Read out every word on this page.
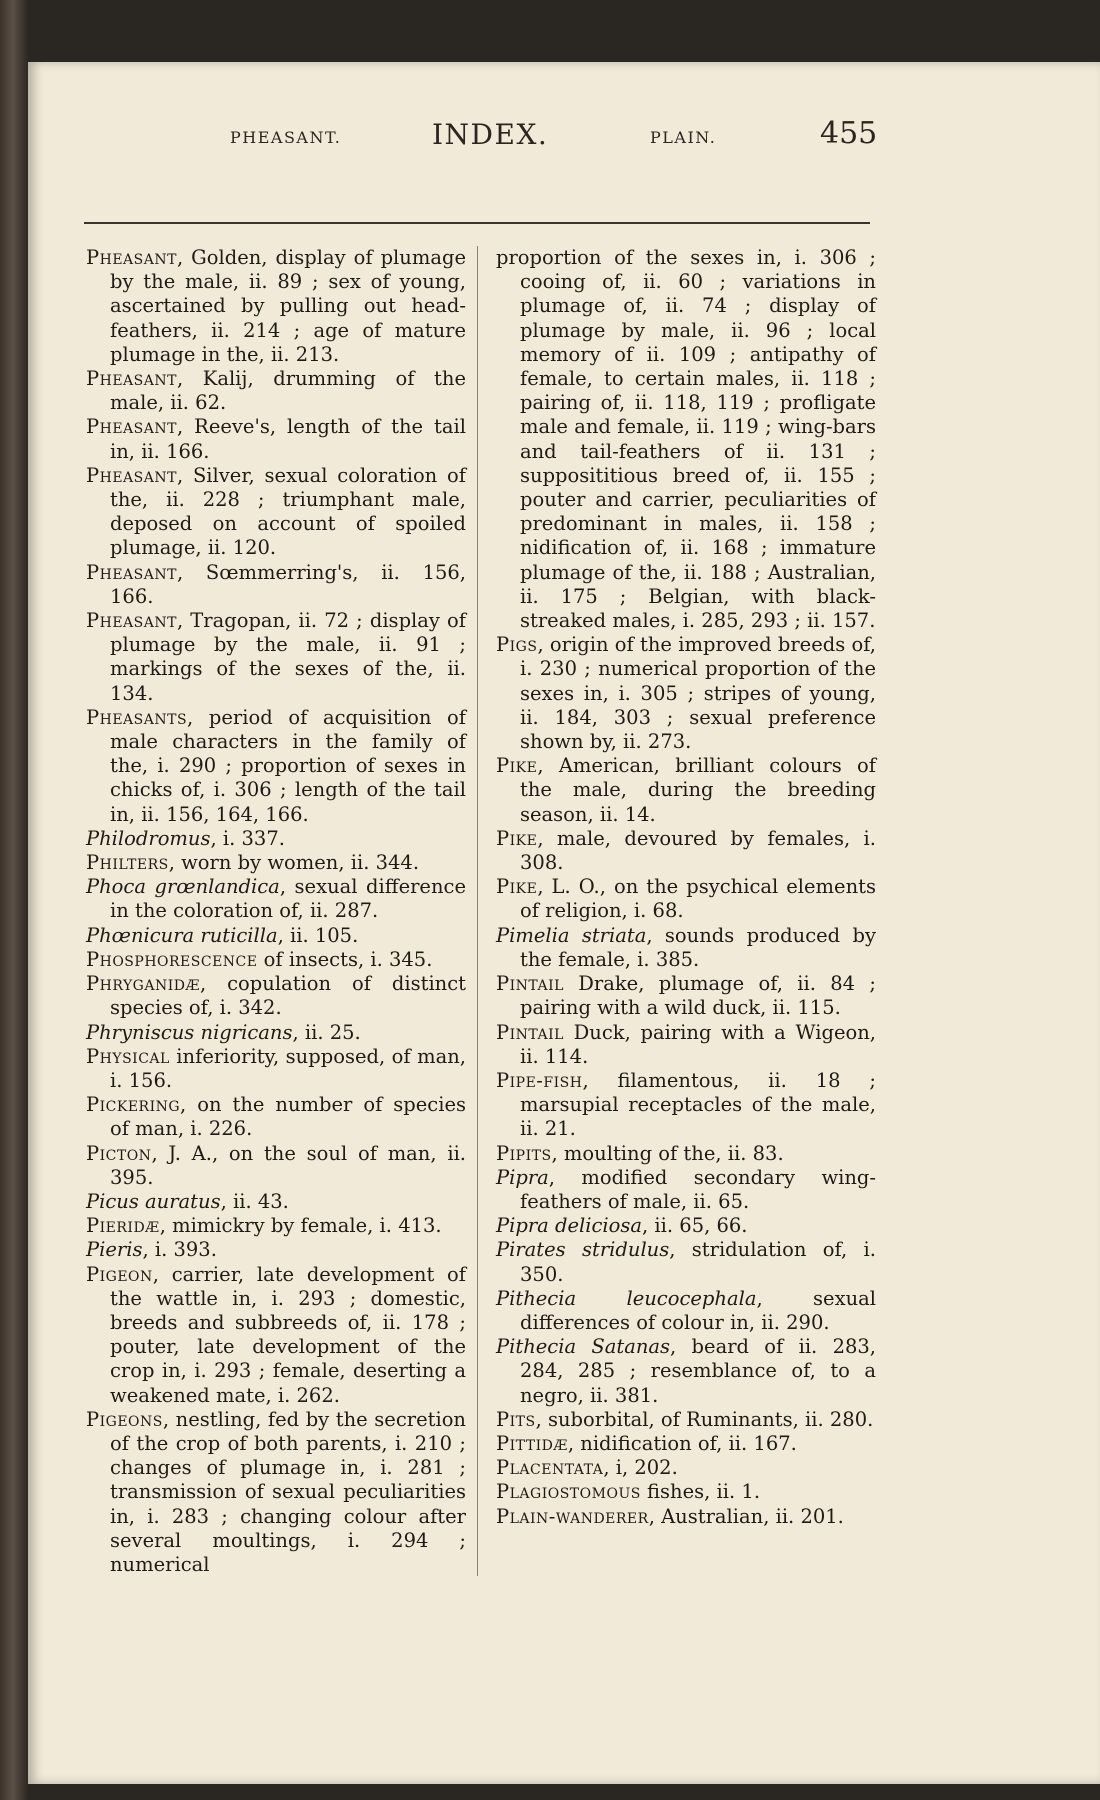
PHEASANT.	INDEX.	PLAIN.	455

Pheasant, Golden, display of plumage by the male, ii. 89 ; sex of young, ascertained by pulling out head-feathers, ii. 214 ; age of mature plumage in the, ii. 213.

Pheasant, Kalij, drumming of the male, ii. 62.

Pheasant, Reeve's, length of the tail in, ii. 166.

Pheasant, Silver, sexual coloration of the, ii. 228 ; triumphant male, deposed on account of spoiled plumage, ii. 120.

Pheasant, Sœmmerring's, ii. 156, 166.

Pheasant, Tragopan, ii. 72 ; display of plumage by the male, ii. 91 ; markings of the sexes of the, ii. 134.

Pheasants, period of acquisition of male characters in the family of the, i. 290 ; proportion of sexes in chicks of, i. 306 ; length of the tail in, ii. 156, 164, 166.

Philodromus, i. 337.

Philters, worn by women, ii. 344.

Phoca grœnlandica, sexual difference in the coloration of, ii. 287.

Phœnicura ruticilla, ii. 105.

Phosphorescence of insects, i. 345.

Phryganidæ, copulation of distinct species of, i. 342.

Phryniscus nigricans, ii. 25.

Physical inferiority, supposed, of man, i. 156.

Pickering, on the number of species of man, i. 226.

Picton, J. A., on the soul of man, ii. 395.

Picus auratus, ii. 43.

Pieridæ, mimickry by female, i. 413.

Pieris, i. 393.

Pigeon, carrier, late development of the wattle in, i. 293 ; domestic, breeds and subbreeds of, ii. 178 ; pouter, late development of the crop in, i. 293 ; female, deserting a weakened mate, i. 262.

Pigeons, nestling, fed by the secretion of the crop of both parents, i. 210 ; changes of plumage in, i. 281 ; transmission of sexual peculiarities in, i. 283 ; changing colour after several moultings, i. 294 ; numerical

proportion of the sexes in, i. 306 ; cooing of, ii. 60 ; variations in plumage of, ii. 74 ; display of plumage by male, ii. 96 ; local memory of ii. 109 ; antipathy of female, to certain males, ii. 118 ; pairing of, ii. 118, 119 ; profligate male and female, ii. 119 ; wing-bars and tail-feathers of ii. 131 ; supposititious breed of, ii. 155 ; pouter and carrier, peculiarities of predominant in males, ii. 158 ; nidification of, ii. 168 ; immature plumage of the, ii. 188 ; Australian, ii. 175 ; Belgian, with black-streaked males, i. 285, 293 ; ii. 157.

Pigs, origin of the improved breeds of, i. 230 ; numerical proportion of the sexes in, i. 305 ; stripes of young, ii. 184, 303 ; sexual preference shown by, ii. 273.

Pike, American, brilliant colours of the male, during the breeding season, ii. 14.

Pike, male, devoured by females, i. 308.

Pike, L. O., on the psychical elements of religion, i. 68.

Pimelia striata, sounds produced by the female, i. 385.

Pintail Drake, plumage of, ii. 84 ; pairing with a wild duck, ii. 115.

Pintail Duck, pairing with a Wigeon, ii. 114.

Pipe-fish, filamentous, ii. 18 ; marsupial receptacles of the male, ii. 21.

Pipits, moulting of the, ii. 83.

Pipra, modified secondary wing-feathers of male, ii. 65.

Pipra deliciosa, ii. 65, 66.

Pirates stridulus, stridulation of, i. 350.

Pithecia leucocephala, sexual differences of colour in, ii. 290.

Pithecia Satanas, beard of ii. 283, 284, 285 ; resemblance of, to a negro, ii. 381.

Pits, suborbital, of Ruminants, ii. 280.

Pittidæ, nidification of, ii. 167.

Placentata, i, 202.

Plagiostomous fishes, ii. 1.

Plain-wanderer, Australian, ii. 201.
